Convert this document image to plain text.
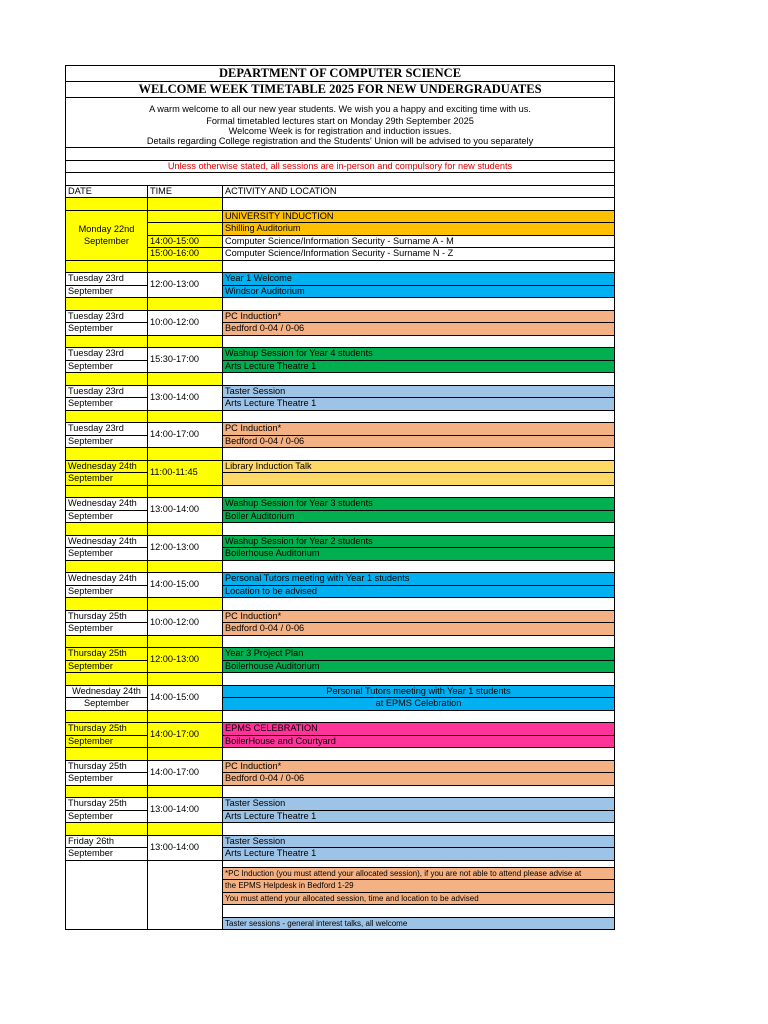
DEPARTMENT OF COMPUTER SCIENCE		
WELCOME WEEK TIMETABLE 2025 FOR NEW UNDERGRADUATES		

A warm welcome to all our new year students. We wish you a happy and exciting time with us.		
Formal timetabled lectures start on Monday 29th September 2025		
Welcome Week is for registration and induction issues.		
Details regarding College registration and the Students' Union will be advised to you separately		

Unless otherwise stated, all sessions are in-person and compulsory for new students		

DATE	TIME	ACTIVITY AND LOCATION

Monday 22nd
September		UNIVERSITY INDUCTION
		Shilling Auditorium
	14:00-15:00	Computer Science/Information Security - Surname A - M
	15:00-16:00	Computer Science/Information Security - Surname N - Z

Tuesday 23rd	12:00-13:00	Year 1 Welcome
September		Windsor Auditorium

Tuesday 23rd	10:00-12:00	PC Induction*
September		Bedford 0-04 / 0-06

Tuesday 23rd	15:30-17:00	Washup Session for Year 4 students
September		Arts Lecture Theatre 1

Tuesday 23rd	13:00-14:00	Taster Session
September		Arts Lecture Theatre 1

Tuesday 23rd	14:00-17:00	PC Induction*
September		Bedford 0-04 / 0-06

Wednesday 24th	11:00-11:45	Library Induction Talk
September		

Wednesday 24th	13:00-14:00	Washup Session for Year 3 students
September		Boiler Auditorium

Wednesday 24th	12:00-13:00	Washup Session for Year 2 students
September		Boilerhouse Auditorium

Wednesday 24th	14:00-15:00	Personal Tutors meeting with Year 1 students
September		Location to be advised

Thursday 25th	10:00-12:00	PC Induction*
September		Bedford 0-04 / 0-06

Thursday 25th	12:00-13:00	Year 3 Project Plan
September		Boilerhouse Auditorium

Wednesday 24th	14:00-15:00	Personal Tutors meeting with Year 1 students
September		at EPMS Celebration

Thursday 25th	14:00-17:00	EPMS CELEBRATION
September		BoilerHouse and Courtyard

Thursday 25th	14:00-17:00	PC Induction*
September		Bedford 0-04 / 0-06

Thursday 25th	13:00-14:00	Taster Session
September		Arts Lecture Theatre 1

Friday 26th	13:00-14:00	Taster Session
September		Arts Lecture Theatre 1

		*PC Induction (you must attend your allocated session), if you are not able to attend please advise at
		the EPMS Helpdesk in Bedford 1-29
		You must attend your allocated session, time and location to be advised

		Taster sessions - general interest talks, all welcome
